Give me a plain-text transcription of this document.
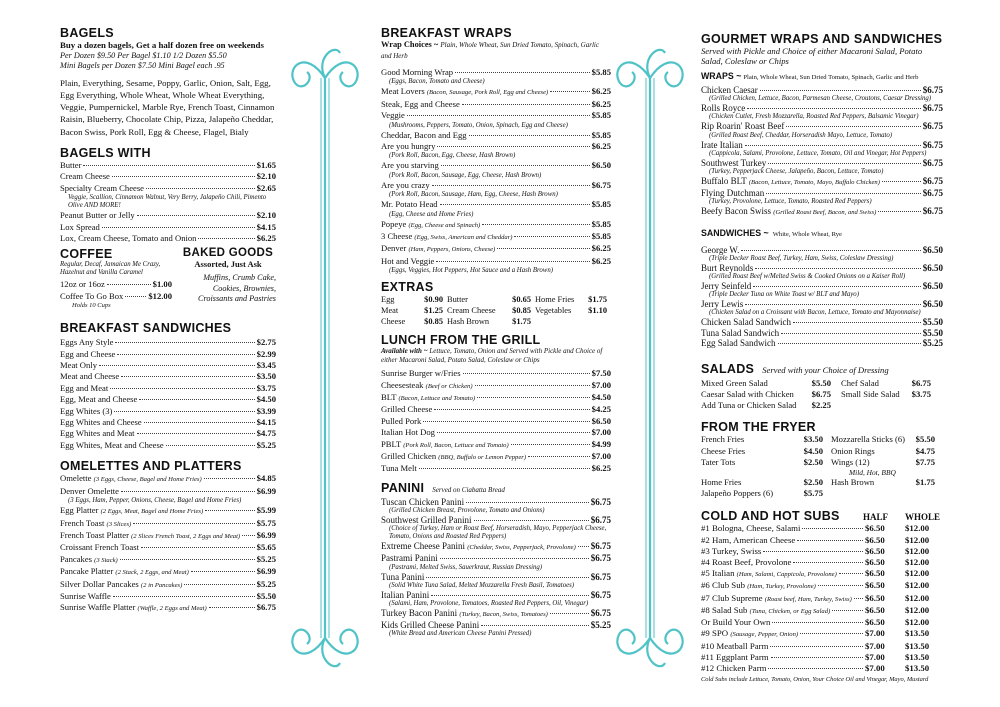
BAGELS
Buy a dozen bagels, Get a half dozen free on weekends
Per Dozen $9.50 Per Bagel $1.10 1/2 Dozen $5.50
Mini Bagels per Dozen $7.50 Mini Bagel each .95
Plain, Everything, Sesame, Poppy, Garlic, Onion, Salt, Egg, Egg Everything, Whole Wheat, Whole Wheat Everything, Veggie, Pumpernickel, Marble Rye, French Toast, Cinnamon Raisin, Blueberry, Chocolate Chip, Pizza, Jalapeño Cheddar, Bacon Swiss, Pork Roll, Egg & Cheese, Flagel, Bialy
BAGELS WITH
Butter	$1.65
Cream Cheese	$2.10
Specialty Cream Cheese	$2.65
Veggie, Scallion, Cinnamon Walnut, Very Berry, Jalapeño Chili, Pimento Olive AND MORE!
Peanut Butter or Jelly	$2.10
Lox Spread	$4.15
Lox, Cream Cheese, Tomato and Onion	$6.25
COFFEE
Regular, Decaf, Jamaican Me Crazy, Hazelnut and Vanilla Caramel
12oz or 16oz	$1.00
Coffee To Go Box	$12.00
Holds 10 Cups
BAKED GOODS
Assorted, Just Ask
Muffins, Crumb Cake, Cookies, Brownies, Croissants and Pastries
BREAKFAST SANDWICHES
Eggs Any Style	$2.75
Egg and Cheese	$2.99
Meat Only	$3.45
Meat and Cheese	$3.50
Egg and Meat	$3.75
Egg, Meat and Cheese	$4.50
Egg Whites (3)	$3.99
Egg Whites and Cheese	$4.15
Egg Whites and Meat	$4.75
Egg Whites, Meat and Cheese	$5.25
OMELETTES AND PLATTERS
Omelette (3 Eggs, Cheese, Bagel and Home Fries)	$4.85
Denver Omelette	$6.99
(3 Eggs, Ham, Pepper, Onions, Cheese, Bagel and Home Fries)
Egg Platter (2 Eggs, Meat, Bagel and Home Fries)	$5.99
French Toast (3 Slices)	$5.75
French Toast Platter (2 Slices French Toast, 2 Eggs and Meat) $6.99
Croissant French Toast	$5.65
Pancakes (3 Stack)	$5.25
Pancake Platter (2 Stack, 2 Eggs, and Meat)	$6.99
Silver Dollar Pancakes (2 in Pancakes)	$5.25
Sunrise Waffle	$5.50
Sunrise Waffle Platter (Waffle, 2 Eggs and Meat)	$6.75
BREAKFAST WRAPS
Wrap Choices ~ Plain, Whole Wheat, Sun Dried Tomato, Spinach, Garlic and Herb
Good Morning Wrap	$5.85
(Eggs, Bacon, Tomato and Cheese)
Meat Lovers (Bacon, Sausage, Pork Roll, Egg and Cheese)	$6.25
Steak, Egg and Cheese	$6.25
Veggie	$5.85
(Mushrooms, Peppers, Tomato, Onion, Spinach, Egg and Cheese)
Cheddar, Bacon and Egg	$5.85
Are you hungry	$6.25
(Pork Roll, Bacon, Egg, Cheese, Hash Brown)
Are you starving	$6.50
(Pork Roll, Bacon, Sausage, Egg, Cheese, Hash Brown)
Are you crazy	$6.75
(Pork Roll, Bacon, Sausage, Ham, Egg, Cheese, Hash Brown)
Mr. Potato Head	$5.85
(Egg, Cheese and Home Fries)
Popeye (Egg, Cheese and Spinach)	$5.85
3 Cheese (Egg, Swiss, American and Cheddar)	$5.85
Denver (Ham, Peppers, Onions, Cheese)	$6.25
Hot and Veggie	$6.25
(Eggs, Veggies, Hot Peppers, Hot Sauce and a Hash Brown)
EXTRAS
Egg	$0.90 Butter	$0.65 Home Fries $1.75
Meat	$1.25 Cream Cheese $0.85 Vegetables $1.10
Cheese $0.85 Hash Brown	$1.75
LUNCH FROM THE GRILL
Available with ~ Lettuce, Tomato, Onion and Served with Pickle and Choice of either Macaroni Salad, Potato Salad, Coleslaw or Chips
Sunrise Burger w/Fries	$7.50
Cheesesteak (Beef or Chicken)	$7.00
BLT (Bacon, Lettuce and Tomato)	$4.50
Grilled Cheese	$4.25
Pulled Pork	$6.50
Italian Hot Dog	$7.00
PBLT (Pork Roll, Bacon, Lettuce and Tomato)	$4.99
Grilled Chicken (BBQ, Buffalo or Lemon Pepper)	$7.00
Tuna Melt	$6.25
PANINI Served on Ciabatta Bread
Tuscan Chicken Panini	$6.75
(Grilled Chicken Breast, Provolone, Tomato and Onions)
Southwest Grilled Panini	$6.75
(Choice of Turkey, Ham or Roast Beef, Horseradish, Mayo, Pepperjack Cheese, Tomato, Onions and Roasted Red Peppers)
Extreme Cheese Panini (Cheddar, Swiss, Pepperjack, Provolone) $6.75
Pastrami Panini	$6.75
(Pastrami, Melted Swiss, Sauerkraut, Russian Dressing)
Tuna Panini	$6.75
(Solid White Tuna Salad, Melted Mozzarella Fresh Basil, Tomatoes)
Italian Panini	$6.75
(Salami, Ham, Provolone, Tomatoes, Roasted Red Peppers, Oil, Vinegar)
Turkey Bacon Panini (Turkey, Bacon, Swiss, Tomatoes)	$6.75
Kids Grilled Cheese Panini	$5.25
(White Bread and American Cheese Panini Pressed)
GOURMET WRAPS AND SANDWICHES
Served with Pickle and Choice of either Macaroni Salad, Potato Salad, Coleslaw or Chips
WRAPS ~ Plain, Whole Wheat, Sun Dried Tomato, Spinach, Garlic and Herb
Chicken Caesar	$6.75
(Grilled Chicken, Lettuce, Bacon, Parmesan Cheese, Croutons, Caesar Dressing)
Rolls Royce	$6.75
(Chicken Cutlet, Fresh Mozzarella, Roasted Red Peppers, Balsamic Vinegar)
Rip Roarin' Roast Beef	$6.75
(Grilled Roast Beef, Cheddar, Horseradish Mayo, Lettuce, Tomato)
Irate Italian	$6.75
(Cappicola, Salami, Provolone, Lettuce, Tomato, Oil and Vinegar, Hot Peppers)
Southwest Turkey	$6.75
(Turkey, Pepperjack Cheese, Jalapeño, Bacon, Lettuce, Tomato)
Buffalo BLT (Bacon, Lettuce, Tomato, Mayo, Buffalo Chicken)	$6.75
Flying Dutchman	$6.75
(Turkey, Provolone, Lettuce, Tomato, Roasted Red Peppers)
Beefy Bacon Swiss (Grilled Roast Beef, Bacon, and Swiss)	$6.75
SANDWICHES ~ White, Whole Wheat, Rye
George W.	$6.50
(Triple Decker Roast Beef, Turkey, Ham, Swiss, Coleslaw Dressing)
Burt Reynolds	$6.50
(Grilled Roast Beef w/Melted Swiss & Cooked Onions on a Kaiser Roll)
Jerry Seinfeld	$6.50
(Triple Decker Tuna on White Toast w/ BLT and Mayo)
Jerry Lewis	$6.50
(Chicken Salad on a Croissant with Bacon, Lettuce, Tomato and Mayonnaise)
Chicken Salad Sandwich	$5.50
Tuna Salad Sandwich	$5.50
Egg Salad Sandwich	$5.25
SALADS Served with your Choice of Dressing
Mixed Green Salad	$5.50 Chef Salad	$6.75
Caesar Salad with Chicken $6.75 Small Side Salad $3.75
Add Tuna or Chicken Salad $2.25
FROM THE FRYER
French Fries	$3.50 Mozzarella Sticks (6) $5.50
Cheese Fries	$4.50 Onion Rings	$4.75
Tater Tots	$2.50 Wings (12)	$7.75
Mild, Hot, BBQ
Home Fries	$2.50 Hash Brown	$1.75
Jalapeño Poppers (6)	$5.75
COLD AND HOT SUBS	HALF	WHOLE
#1 Bologna, Cheese, Salami	$6.50	$12.00
#2 Ham, American Cheese	$6.50	$12.00
#3 Turkey, Swiss	$6.50	$12.00
#4 Roast Beef, Provolone	$6.50	$12.00
#5 Italian (Ham, Salami, Cappicola, Provolone)	$6.50	$12.00
#6 Club Sub (Ham, Turkey, Provolone)	$6.50	$12.00
#7 Club Supreme (Roast beef, Ham, Turkey, Swiss) $6.50	$12.00
#8 Salad Sub (Tuna, Chicken, or Egg Salad)	$6.50	$12.00
Or Build Your Own	$6.50	$12.00
#9 SPO (Sausage, Pepper, Onion)	$7.00	$13.50
#10 Meatball Parm	$7.00	$13.50
#11 Eggplant Parm	$7.00	$13.50
#12 Chicken Parm	$7.00	$13.50
Cold Subs include Lettuce, Tomato, Onion, Your Choice Oil and Vinegar, Mayo, Mustard
